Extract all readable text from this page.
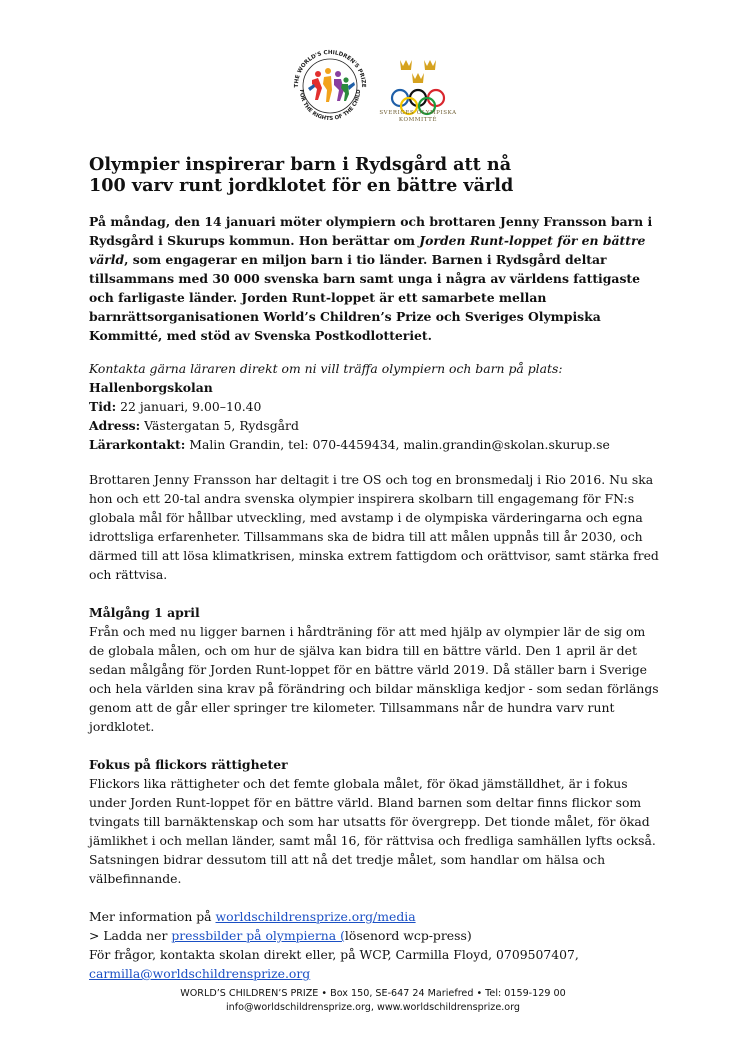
THE WORLD'S CHILDREN'S PRIZE
FOR THE RIGHTS OF THE CHILD
SVERIGES OLYMPISKA
KOMMITTÉ
Olympier inspirerar barn i Rydsgård att nå
100 varv runt jordklotet för en bättre värld

På måndag, den 14 januari möter olympiern och brottaren Jenny Fransson barn i Rydsgård i Skurups kommun. Hon berättar om Jorden Runt-loppet för en bättre värld, som engagerar en miljon barn i tio länder. Barnen i Rydsgård deltar tillsammans med 30 000 svenska barn samt unga i några av världens fattigaste och farligaste länder. Jorden Runt-loppet är ett samarbete mellan barnrättsorganisationen World’s Children’s Prize och Sveriges Olympiska Kommitté, med stöd av Svenska Postkodlotteriet.

Kontakta gärna läraren direkt om ni vill träffa olympiern och barn på plats:
Hallenborgskolan
Tid: 22 januari, 9.00–10.40
Adress: Västergatan 5, Rydsgård
Lärarkontakt: Malin Grandin, tel: 070-4459434, malin.grandin@skolan.skurup.se

Brottaren Jenny Fransson har deltagit i tre OS och tog en bronsmedalj i Rio 2016. Nu ska hon och ett 20-tal andra svenska olympier inspirera skolbarn till engagemang för FN:s globala mål för hållbar utveckling, med avstamp i de olympiska värderingarna och egna idrottsliga erfarenheter. Tillsammans ska de bidra till att målen uppnås till år 2030, och därmed till att lösa klimatkrisen, minska extrem fattigdom och orättvisor, samt stärka fred och rättvisa.

Målgång 1 april

Från och med nu ligger barnen i hårdträning för att med hjälp av olympier lär de sig om de globala målen, och om hur de själva kan bidra till en bättre värld. Den 1 april är det sedan målgång för Jorden Runt-loppet för en bättre värld 2019. Då ställer barn i Sverige och hela världen sina krav på förändring och bildar mänskliga kedjor - som sedan förlängs genom att de går eller springer tre kilometer. Tillsammans når de hundra varv runt jordklotet.

Fokus på flickors rättigheter

Flickors lika rättigheter och det femte globala målet, för ökad jämställdhet, är i fokus under Jorden Runt-loppet för en bättre värld. Bland barnen som deltar finns flickor som tvingats till barnäktenskap och som har utsatts för övergrepp. Det tionde målet, för ökad jämlikhet i och mellan länder, samt mål 16, för rättvisa och fredliga samhällen lyfts också. Satsningen bidrar dessutom till att nå det tredje målet, som handlar om hälsa och välbefinnande.

Mer information på worldschildrensprize.org/media
> Ladda ner pressbilder på olympierna (lösenord wcp-press)
För frågor, kontakta skolan direkt eller, på WCP, Carmilla Floyd, 0709507407,
carmilla@worldschildrensprize.org
WORLD’S CHILDREN’S PRIZE • Box 150, SE-647 24 Mariefred • Tel: 0159-129 00
info@worldschildrensprize.org, www.worldschildrensprize.org
